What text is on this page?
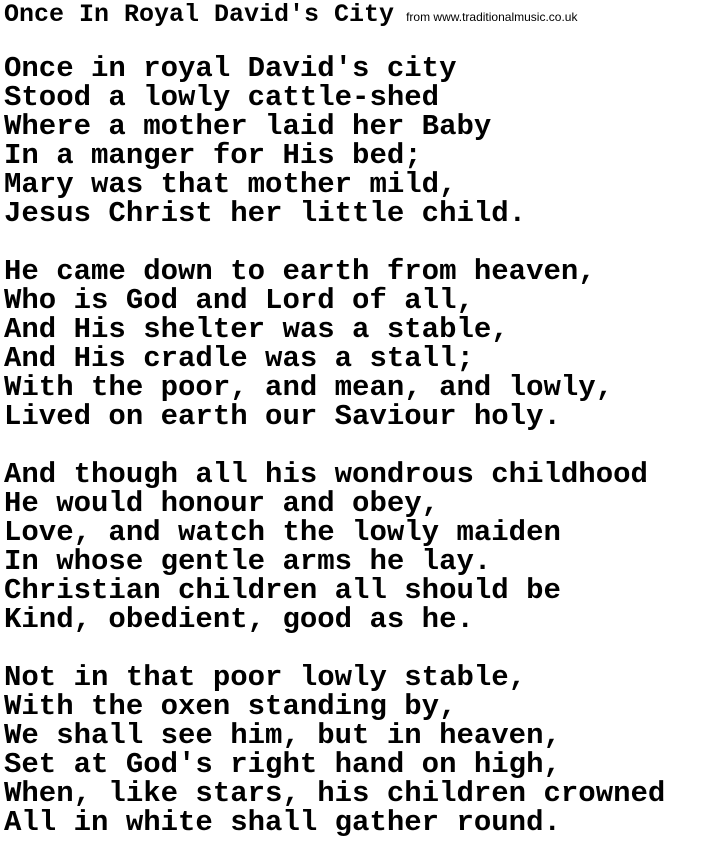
Once In Royal David's City from www.traditionalmusic.co.uk
Once in royal David's city
Stood a lowly cattle-shed
Where a mother laid her Baby
In a manger for His bed;
Mary was that mother mild,
Jesus Christ her little child.
He came down to earth from heaven,
Who is God and Lord of all,
And His shelter was a stable,
And His cradle was a stall;
With the poor, and mean, and lowly,
Lived on earth our Saviour holy.
And though all his wondrous childhood
He would honour and obey,
Love, and watch the lowly maiden
In whose gentle arms he lay.
Christian children all should be
Kind, obedient, good as he.
Not in that poor lowly stable,
With the oxen standing by,
We shall see him, but in heaven,
Set at God's right hand on high,
When, like stars, his children crowned
All in white shall gather round.
